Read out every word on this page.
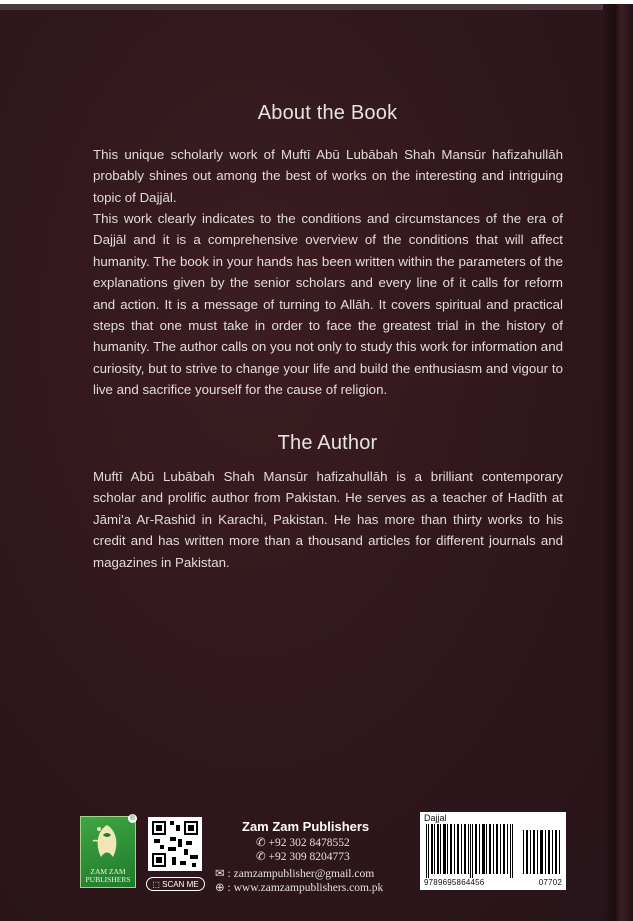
About the Book
This unique scholarly work of Muftī Abū Lubābah Shah Mansūr hafizahullāh probably shines out among the best of works on the interesting and intriguing topic of Dajjāl.
This work clearly indicates to the conditions and circumstances of the era of Dajjāl and it is a comprehensive overview of the conditions that will affect humanity. The book in your hands has been written within the parameters of the explanations given by the senior scholars and every line of it calls for reform and action. It is a message of turning to Allāh. It covers spiritual and practical steps that one must take in order to face the greatest trial in the history of humanity. The author calls on you not only to study this work for information and curiosity, but to strive to change your life and build the enthusiasm and vigour to live and sacrifice yourself for the cause of religion.
The Author
Muftī Abū Lubābah Shah Mansūr hafizahullāh is a brilliant contemporary scholar and prolific author from Pakistan. He serves as a teacher of Hadīth at Jāmi'a Ar-Rashid in Karachi, Pakistan. He has more than thirty works to his credit and has written more than a thousand articles for different journals and magazines in Pakistan.
®
ZAM ZAM PUBLISHERS
⬚ SCAN ME
Zam Zam Publishers
✆ +92 302 8478552
✆ +92 309 8204773
✉ : zamzampublisher@gmail.com
⊕ : www.zamzampublishers.com.pk
Dajjal
9789695864456	07702
